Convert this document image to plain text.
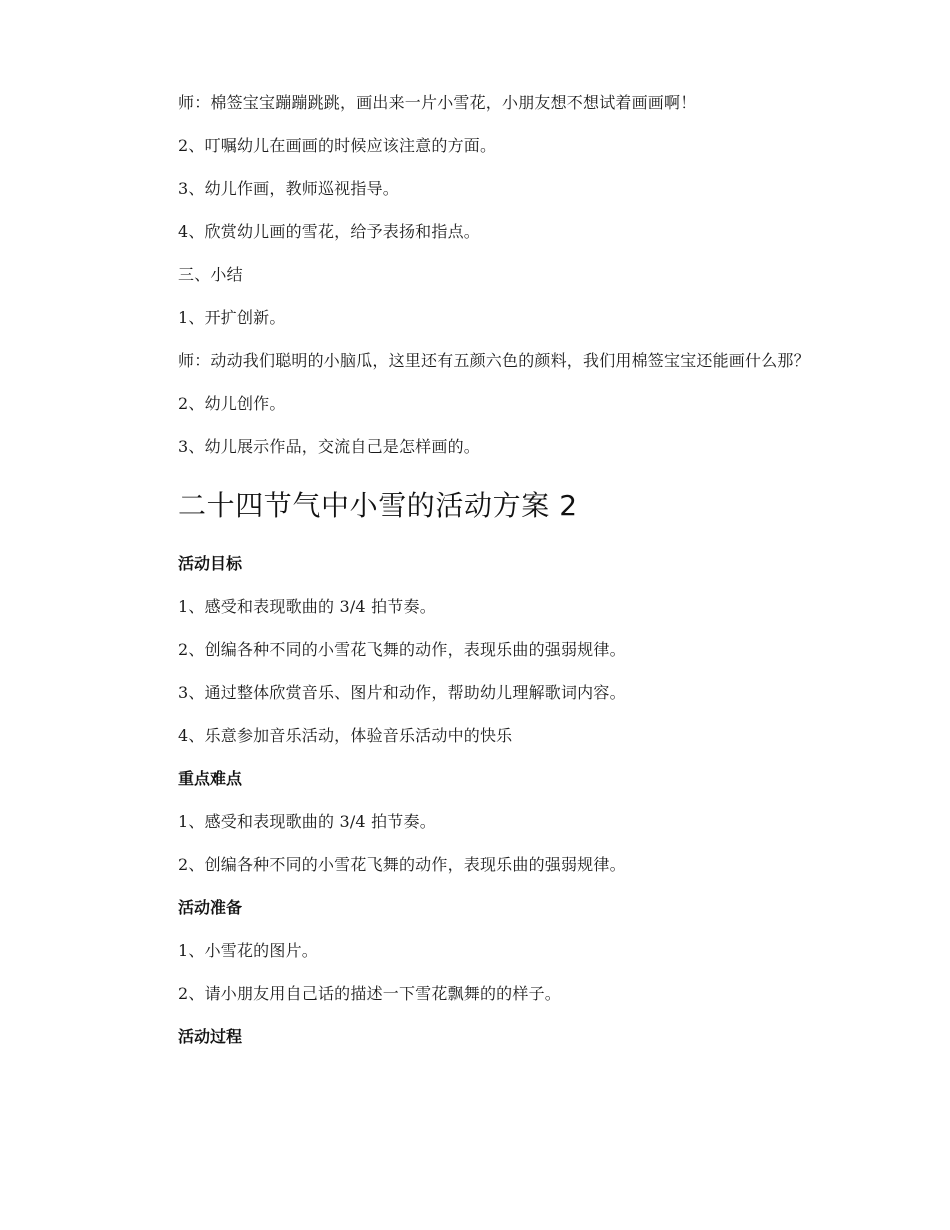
师：棉签宝宝蹦蹦跳跳，画出来一片小雪花，小朋友想不想试着画画啊！

2、叮嘱幼儿在画画的时候应该注意的方面。

3、幼儿作画，教师巡视指导。

4、欣赏幼儿画的雪花，给予表扬和指点。

三、小结

1、开扩创新。

师：动动我们聪明的小脑瓜，这里还有五颜六色的颜料，我们用棉签宝宝还能画什么那？

2、幼儿创作。

3、幼儿展示作品，交流自己是怎样画的。

二十四节气中小雪的活动方案 2
活动目标

1、感受和表现歌曲的 3/4 拍节奏。

2、创编各种不同的小雪花飞舞的动作，表现乐曲的强弱规律。

3、通过整体欣赏音乐、图片和动作，帮助幼儿理解歌词内容。

4、乐意参加音乐活动，体验音乐活动中的快乐

重点难点

1、感受和表现歌曲的 3/4 拍节奏。

2、创编各种不同的小雪花飞舞的动作，表现乐曲的强弱规律。

活动准备

1、小雪花的图片。

2、请小朋友用自己话的描述一下雪花飘舞的的样子。

活动过程
